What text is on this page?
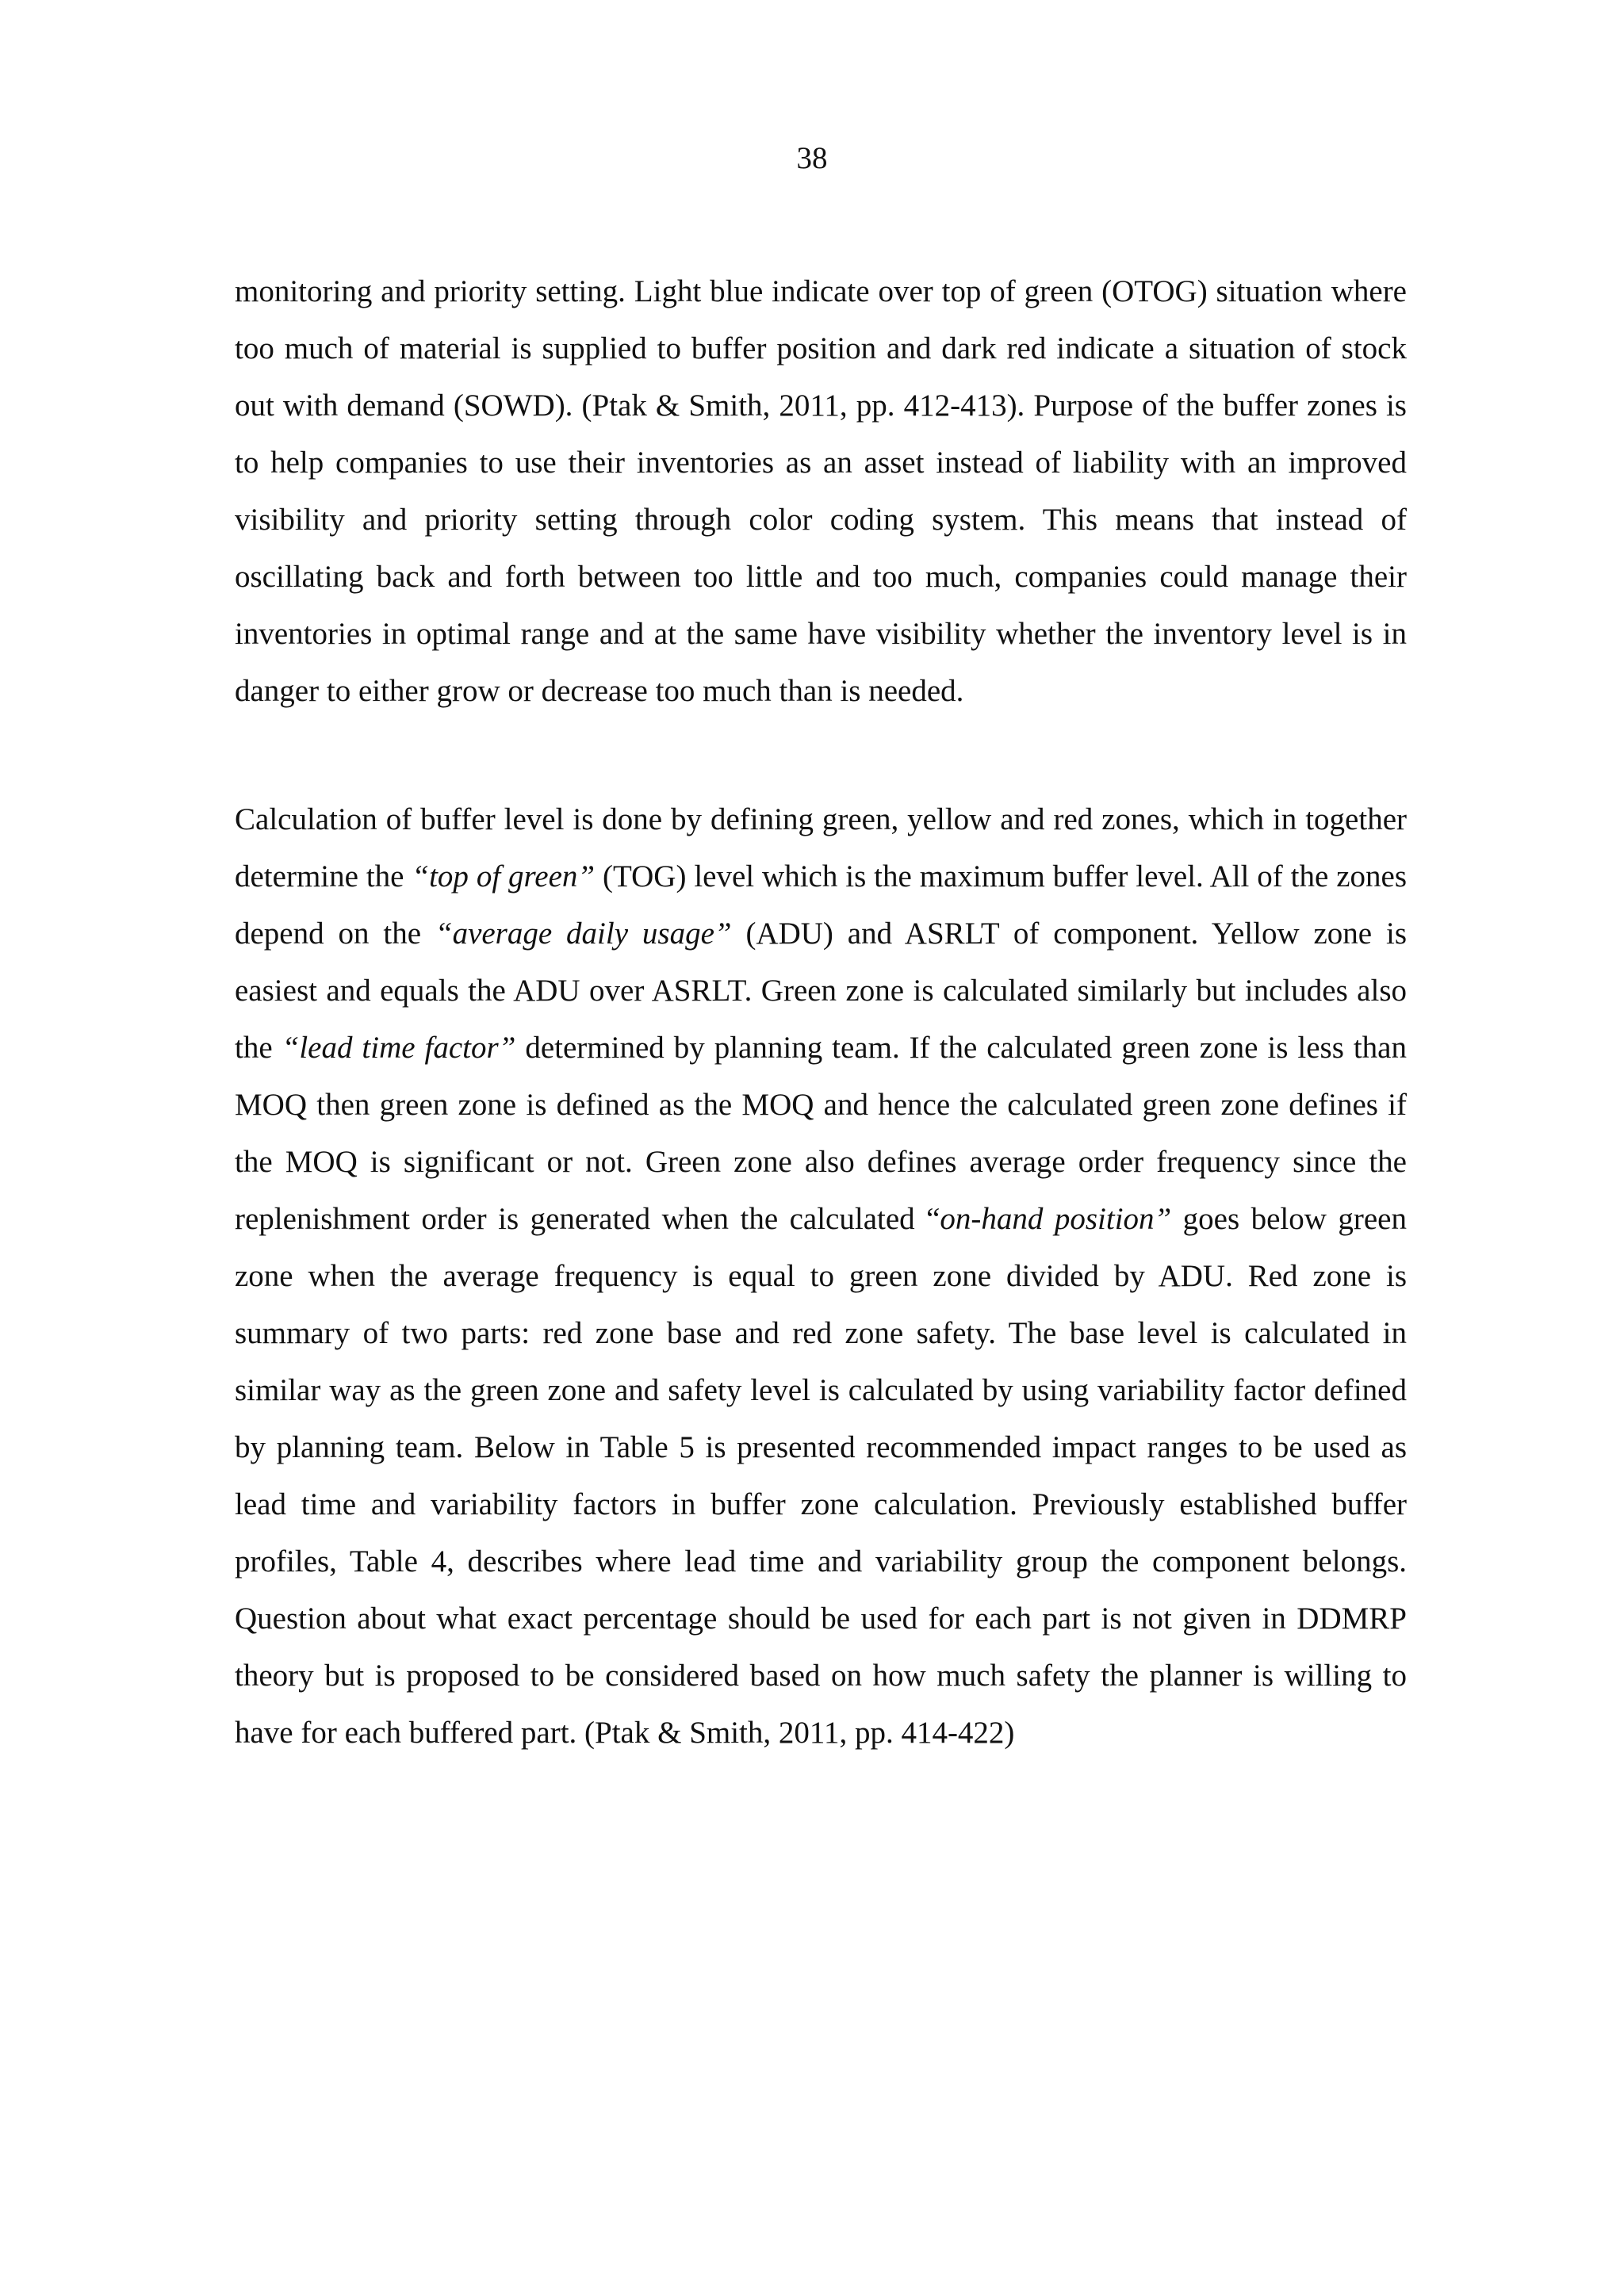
38

monitoring and priority setting. Light blue indicate over top of green (OTOG) situation where too much of material is supplied to buffer position and dark red indicate a situation of stock out with demand (SOWD). (Ptak & Smith, 2011, pp. 412-413). Purpose of the buffer zones is to help companies to use their inventories as an asset instead of liability with an improved visibility and priority setting through color coding system. This means that instead of oscillating back and forth between too little and too much, companies could manage their inventories in optimal range and at the same have visibility whether the inventory level is in danger to either grow or decrease too much than is needed.

Calculation of buffer level is done by defining green, yellow and red zones, which in together determine the “top of green” (TOG) level which is the maximum buffer level. All of the zones depend on the “average daily usage” (ADU) and ASRLT of component. Yellow zone is easiest and equals the ADU over ASRLT. Green zone is calculated similarly but includes also the “lead time factor” determined by planning team. If the calculated green zone is less than MOQ then green zone is defined as the MOQ and hence the calculated green zone defines if the MOQ is significant or not. Green zone also defines average order frequency since the replenishment order is generated when the calculated “on-hand position” goes below green zone when the average frequency is equal to green zone divided by ADU. Red zone is summary of two parts: red zone base and red zone safety. The base level is calculated in similar way as the green zone and safety level is calculated by using variability factor defined by planning team. Below in Table 5 is presented recommended impact ranges to be used as lead time and variability factors in buffer zone calculation. Previously established buffer profiles, Table 4, describes where lead time and variability group the component belongs. Question about what exact percentage should be used for each part is not given in DDMRP theory but is proposed to be considered based on how much safety the planner is willing to have for each buffered part. (Ptak & Smith, 2011, pp. 414-422)
